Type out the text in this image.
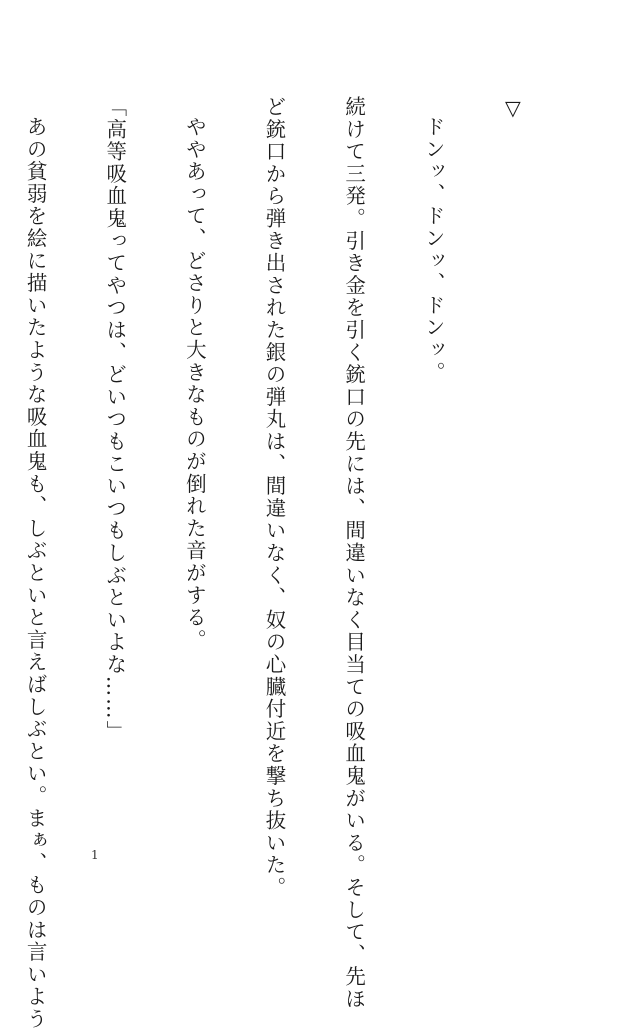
▽

ドンッ、ドンッ、ドンッ。

続けて三発。引き金を引く銃口の先には、間違いなく目当ての吸血鬼がいる。そして、先ほ

ど銃口から弾き出された銀の弾丸は、間違いなく、奴の心臓付近を撃ち抜いた。

ややあって、どさりと大きなものが倒れた音がする。

「高等吸血鬼ってやつは、どいつもこいつもしぶといよな……」

あの貧弱を絵に描いたような吸血鬼も、しぶといと言えばしぶとい。まぁ、ものは言いよう

	1
